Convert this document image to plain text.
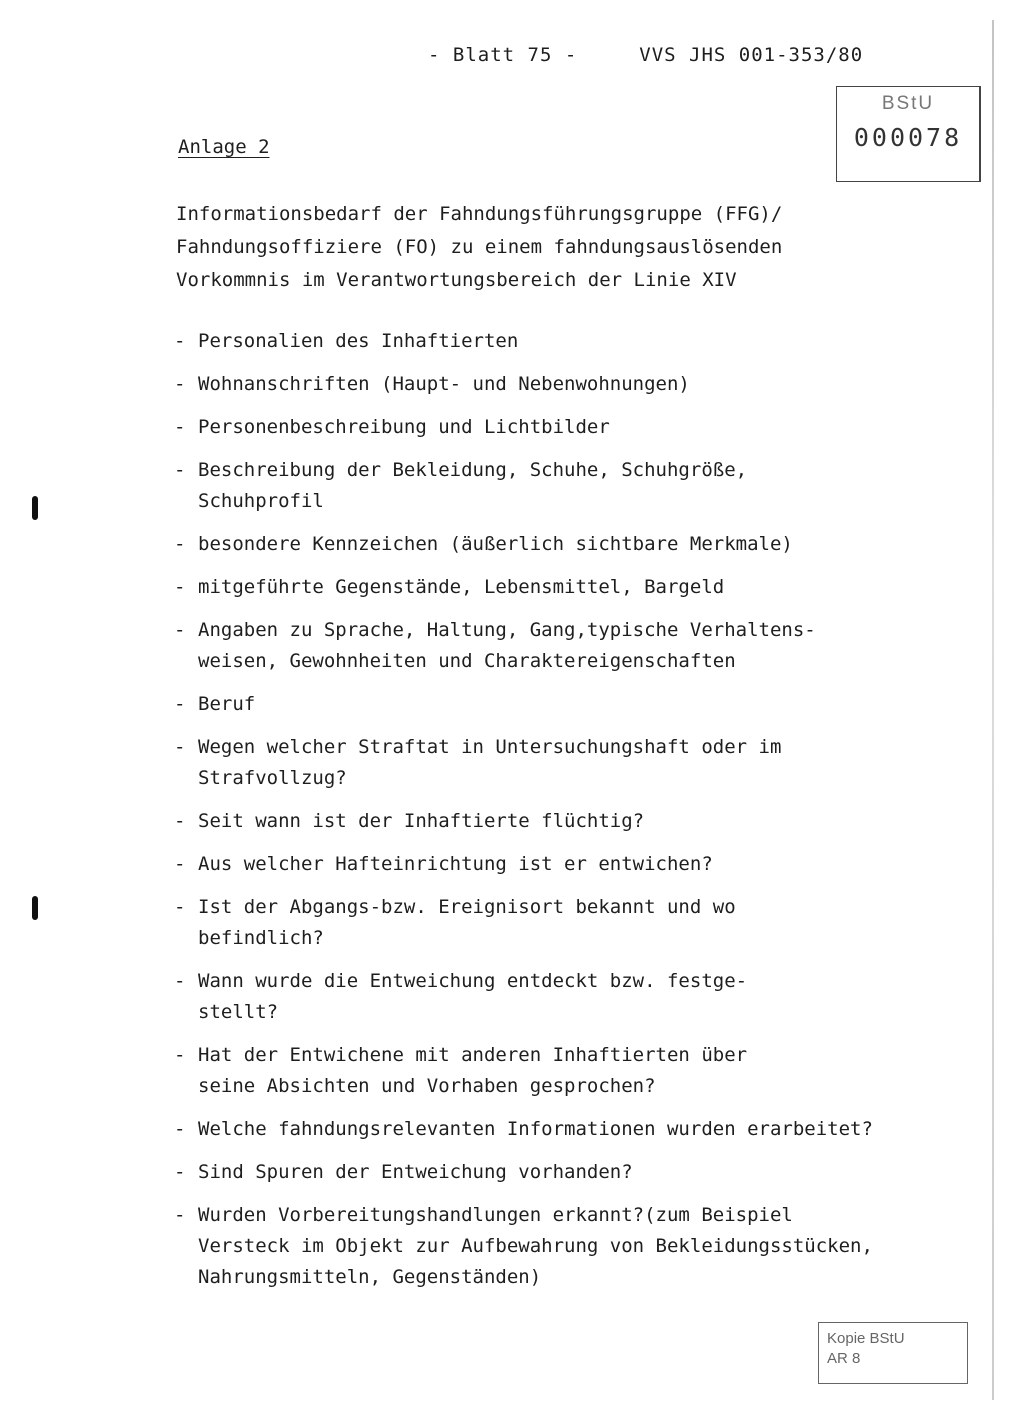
- Blatt 75 -	VVS JHS 001-353/80
BStU
000078
Anlage 2
Informationsbedarf der Fahndungsführungsgruppe (FFG)/
Fahndungsoffiziere (FO) zu einem fahndungsauslösenden
Vorkommnis im Verantwortungsbereich der Linie XIV
- Personalien des Inhaftierten
- Wohnanschriften (Haupt- und Nebenwohnungen)
- Personenbeschreibung und Lichtbilder
- Beschreibung der Bekleidung, Schuhe, Schuhgröße,
Schuhprofil
- besondere Kennzeichen (äußerlich sichtbare Merkmale)
- mitgeführte Gegenstände, Lebensmittel, Bargeld
- Angaben zu Sprache, Haltung, Gang,typische Verhaltens-
weisen, Gewohnheiten und Charaktereigenschaften
- Beruf
- Wegen welcher Straftat in Untersuchungshaft oder im
Strafvollzug?
- Seit wann ist der Inhaftierte flüchtig?
- Aus welcher Hafteinrichtung ist er entwichen?
- Ist der Abgangs-bzw. Ereignisort bekannt und wo
befindlich?
- Wann wurde die Entweichung entdeckt bzw. festge-
stellt?
- Hat der Entwichene mit anderen Inhaftierten über
seine Absichten und Vorhaben gesprochen?
- Welche fahndungsrelevanten Informationen wurden erarbeitet?
- Sind Spuren der Entweichung vorhanden?
- Wurden Vorbereitungshandlungen erkannt?(zum Beispiel
Versteck im Objekt zur Aufbewahrung von Bekleidungsstücken,
Nahrungsmitteln, Gegenständen)
Kopie BStU
AR 8
